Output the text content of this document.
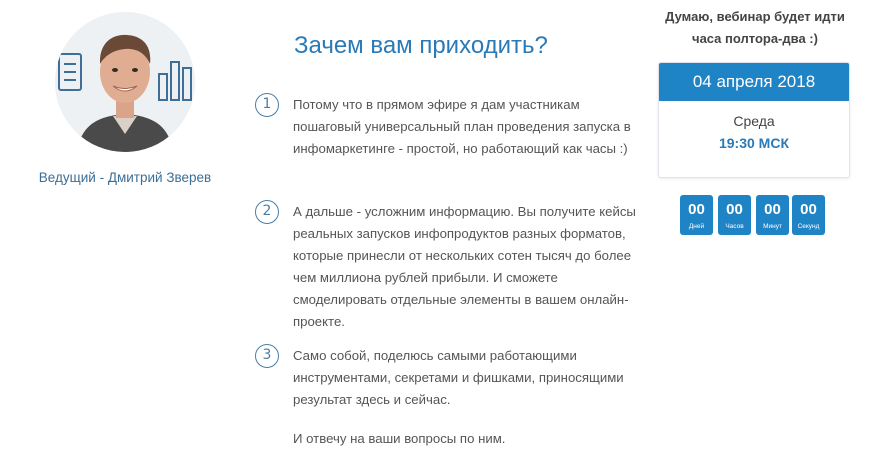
Ведущий - Дмитрий Зверев
Зачем вам приходить?
1	Потому что в прямом эфире я дам участникам пошаговый универсальный план проведения запуска в инфомаркетинге - простой, но работающий как часы :)
2	А дальше - усложним информацию. Вы получите кейсы реальных запусков инфопродуктов разных форматов, которые принесли от нескольких сотен тысяч до более чем миллиона рублей прибыли. И сможете смоделировать отдельные элементы в вашем онлайн-проекте.
3	Само собой, поделюсь самыми работающими инструментами, секретами и фишками, приносящими результат здесь и сейчас.
И отвечу на ваши вопросы по ним.
Думаю, вебинар будет идти часа полтора-два :)
04 апреля 2018
Среда
19:30 МСК
00
Дней
00
Часов
00
Минут
00
Секунд
